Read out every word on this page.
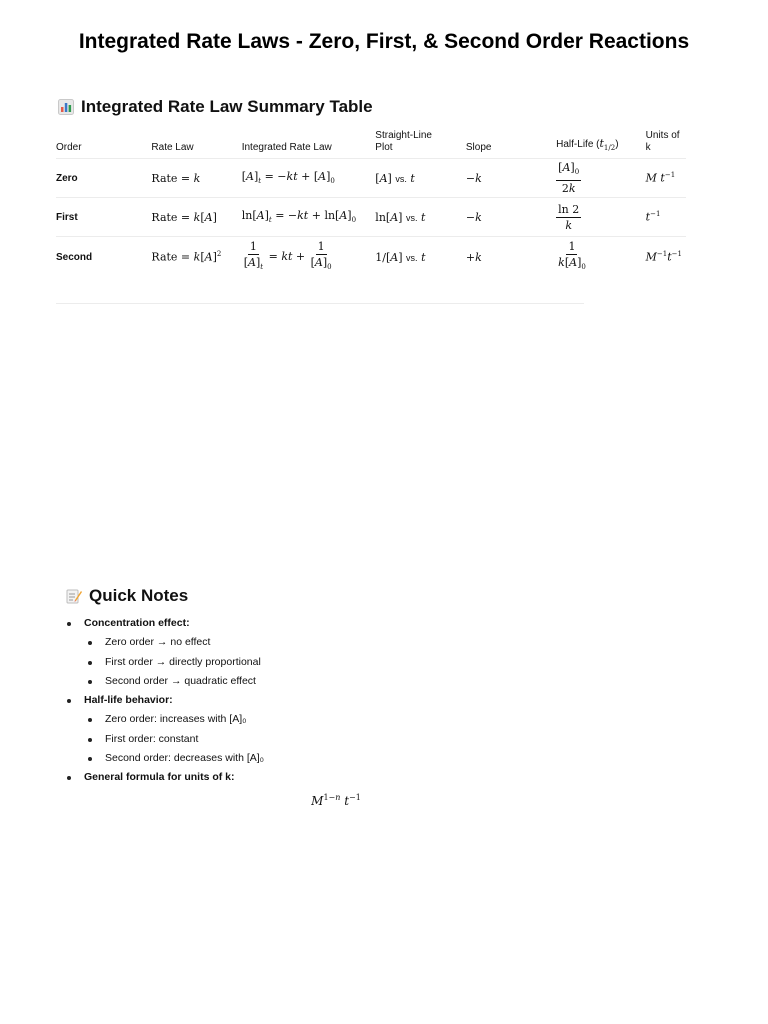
Integrated Rate Laws - Zero, First, & Second Order Reactions
Integrated Rate Law Summary Table
Order	Rate Law	Integrated Rate Law	Straight-Line
Plot	Slope	Half-Life $(t_{1/2})$	Units of k
Zero	Rate = k	$[A]_t = -kt + [A]_0$	[A] vs. t	−k	$\frac{[A]_0}{2k}$	M $t^{-1}$
First	Rate = k[A]	$\ln[A]_t = -kt + \ln[A]_0$	ln[A] vs. t	−k	$\frac{\ln 2}{k}$	$t^{-1}$
Second	Rate = $k[A]^2$	$\frac{1}{[A]_t}$ = kt + $\frac{1}{[A]_0}$	1/[A] vs. t	+k	$\frac{1}{k[A]_0}$	$M^{-1}t^{-1}$
Quick Notes
Concentration effect:
Zero order → no effect
First order → directly proportional
Second order → quadratic effect
Half-life behavior:
Zero order: increases with [A]₀
First order: constant
Second order: decreases with [A]₀
General formula for units of k:
$M^{1-n}$ $t^{-1}$
